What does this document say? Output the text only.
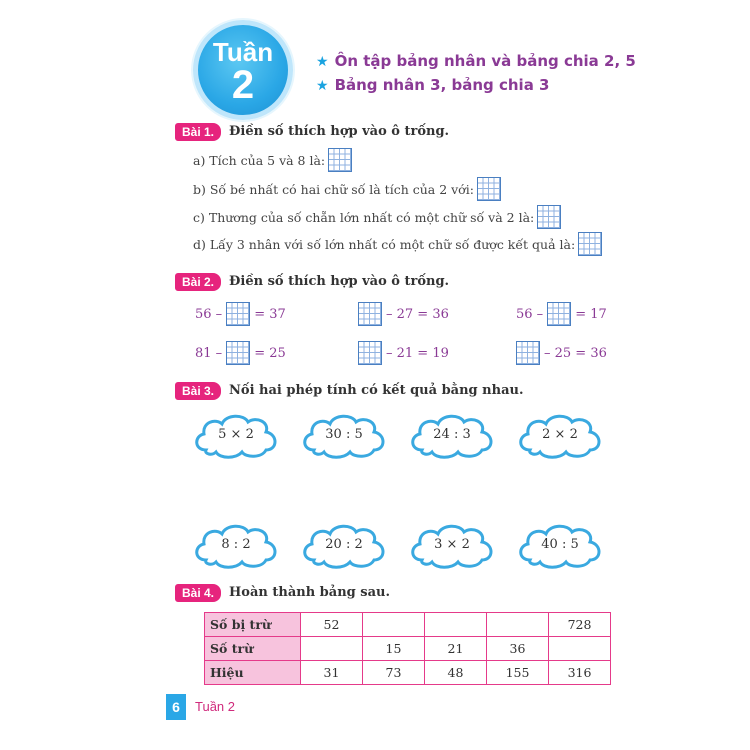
Tuần
2
★ Ôn tập bảng nhân và bảng chia 2, 5
★ Bảng nhân 3, bảng chia 3
Bài 1.	Điền số thích hợp vào ô trống.
a) Tích của 5 và 8 là:
b) Số bé nhất có hai chữ số là tích của 2 với:
c) Thương của số chẵn lớn nhất có một chữ số và 2 là:
d) Lấy 3 nhân với số lớn nhất có một chữ số được kết quả là:
Bài 2.	Điền số thích hợp vào ô trống.
56 – = 37	– 27 = 36	56 – = 17
81 – = 25	– 21 = 19	– 25 = 36
Bài 3.	Nối hai phép tính có kết quả bằng nhau.
5 × 2	30 : 5	24 : 3	2 × 2
8 : 2	20 : 2	3 × 2	40 : 5
Bài 4.	Hoàn thành bảng sau.
Số bị trừ	52				728
Số trừ		15	21	36	
Hiệu	31	73	48	155	316
6	Tuần 2
